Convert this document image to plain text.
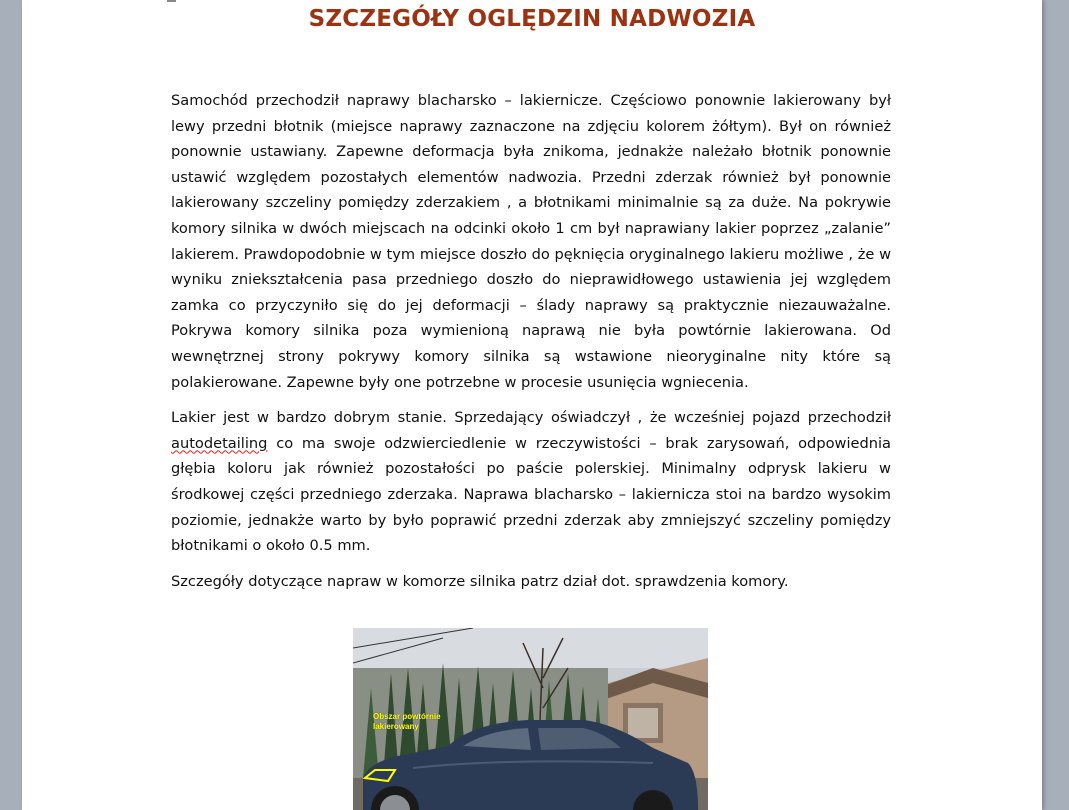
SZCZEGÓŁY OGLĘDZIN NADWOZIA

Samochód przechodził naprawy blacharsko – lakiernicze. Częściowo ponownie lakierowany był lewy przedni błotnik (miejsce naprawy zaznaczone na zdjęciu kolorem żółtym). Był on również ponownie ustawiany. Zapewne deformacja była znikoma, jednakże należało błotnik ponownie ustawić względem pozostałych elementów nadwozia. Przedni zderzak również był ponownie lakierowany szczeliny pomiędzy zderzakiem , a błotnikami minimalnie są za duże. Na pokrywie komory silnika w dwóch miejscach na odcinki około 1 cm był naprawiany lakier poprzez „zalanie” lakierem. Prawdopodobnie w tym miejsce doszło do pęknięcia oryginalnego lakieru możliwe , że w wyniku zniekształcenia pasa przedniego doszło do nieprawidłowego ustawienia jej względem zamka co przyczyniło się do jej deformacji – ślady naprawy są praktycznie niezauważalne. Pokrywa komory silnika poza wymienioną naprawą nie była powtórnie lakierowana. Od wewnętrznej strony pokrywy komory silnika są wstawione nieoryginalne nity które są polakierowane. Zapewne były one potrzebne w procesie usunięcia wgniecenia.

Lakier jest w bardzo dobrym stanie. Sprzedający oświadczył , że wcześniej pojazd przechodził autodetailing co ma swoje odzwierciedlenie w rzeczywistości – brak zarysowań, odpowiednia głębia koloru jak również pozostałości po paście polerskiej. Minimalny odprysk lakieru w środkowej części przedniego zderzaka. Naprawa blacharsko – lakiernicza stoi na bardzo wysokim poziomie, jednakże warto by było poprawić przedni zderzak aby zmniejszyć szczeliny pomiędzy błotnikami o około 0.5 mm.

Szczegóły dotyczące napraw w komorze silnika patrz dział dot. sprawdzenia komory.

Obszar powtórnie
lakierowany
